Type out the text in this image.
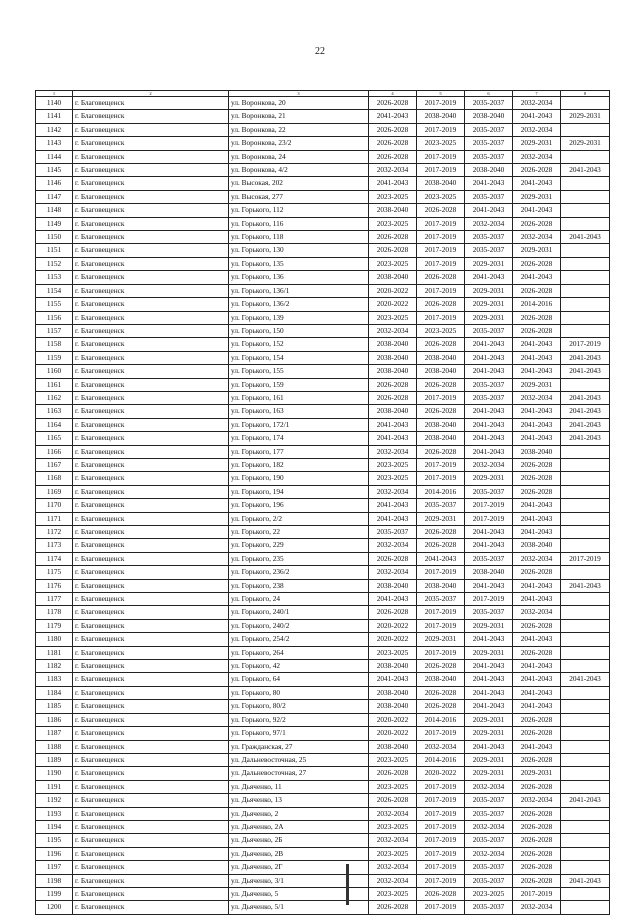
22
1	2	3	4	5	6	7	8
1140	г. Благовещенск	ул. Воронкова, 20	2026-2028	2017-2019	2035-2037	2032-2034	
1141	г. Благовещенск	ул. Воронкова, 21	2041-2043	2038-2040	2038-2040	2041-2043	2029-2031
1142	г. Благовещенск	ул. Воронкова, 22	2026-2028	2017-2019	2035-2037	2032-2034	
1143	г. Благовещенск	ул. Воронкова, 23/2	2026-2028	2023-2025	2035-2037	2029-2031	2029-2031
1144	г. Благовещенск	ул. Воронкова, 24	2026-2028	2017-2019	2035-2037	2032-2034	
1145	г. Благовещенск	ул. Воронкова, 4/2	2032-2034	2017-2019	2038-2040	2026-2028	2041-2043
1146	г. Благовещенск	ул. Высокая, 202	2041-2043	2038-2040	2041-2043	2041-2043	
1147	г. Благовещенск	ул. Высокая, 277	2023-2025	2023-2025	2035-2037	2029-2031	
1148	г. Благовещенск	ул. Горького, 112	2038-2040	2026-2028	2041-2043	2041-2043	
1149	г. Благовещенск	ул. Горького, 116	2023-2025	2017-2019	2032-2034	2026-2028	
1150	г. Благовещенск	ул. Горького, 118	2026-2028	2017-2019	2035-2037	2032-2034	2041-2043
1151	г. Благовещенск	ул. Горького, 130	2026-2028	2017-2019	2035-2037	2029-2031	
1152	г. Благовещенск	ул. Горького, 135	2023-2025	2017-2019	2029-2031	2026-2028	
1153	г. Благовещенск	ул. Горького, 136	2038-2040	2026-2028	2041-2043	2041-2043	
1154	г. Благовещенск	ул. Горького, 136/1	2020-2022	2017-2019	2029-2031	2026-2028	
1155	г. Благовещенск	ул. Горького, 136/2	2020-2022	2026-2028	2029-2031	2014-2016	
1156	г. Благовещенск	ул. Горького, 139	2023-2025	2017-2019	2029-2031	2026-2028	
1157	г. Благовещенск	ул. Горького, 150	2032-2034	2023-2025	2035-2037	2026-2028	
1158	г. Благовещенск	ул. Горького, 152	2038-2040	2026-2028	2041-2043	2041-2043	2017-2019
1159	г. Благовещенск	ул. Горького, 154	2038-2040	2038-2040	2041-2043	2041-2043	2041-2043
1160	г. Благовещенск	ул. Горького, 155	2038-2040	2038-2040	2041-2043	2041-2043	2041-2043
1161	г. Благовещенск	ул. Горького, 159	2026-2028	2026-2028	2035-2037	2029-2031	
1162	г. Благовещенск	ул. Горького, 161	2026-2028	2017-2019	2035-2037	2032-2034	2041-2043
1163	г. Благовещенск	ул. Горького, 163	2038-2040	2026-2028	2041-2043	2041-2043	2041-2043
1164	г. Благовещенск	ул. Горького, 172/1	2041-2043	2038-2040	2041-2043	2041-2043	2041-2043
1165	г. Благовещенск	ул. Горького, 174	2041-2043	2038-2040	2041-2043	2041-2043	2041-2043
1166	г. Благовещенск	ул. Горького, 177	2032-2034	2026-2028	2041-2043	2038-2040	
1167	г. Благовещенск	ул. Горького, 182	2023-2025	2017-2019	2032-2034	2026-2028	
1168	г. Благовещенск	ул. Горького, 190	2023-2025	2017-2019	2029-2031	2026-2028	
1169	г. Благовещенск	ул. Горького, 194	2032-2034	2014-2016	2035-2037	2026-2028	
1170	г. Благовещенск	ул. Горького, 196	2041-2043	2035-2037	2017-2019	2041-2043	
1171	г. Благовещенск	ул. Горького, 2/2	2041-2043	2029-2031	2017-2019	2041-2043	
1172	г. Благовещенск	ул. Горького, 22	2035-2037	2026-2028	2041-2043	2041-2043	
1173	г. Благовещенск	ул. Горького, 229	2032-2034	2026-2028	2041-2043	2038-2040	
1174	г. Благовещенск	ул. Горького, 235	2026-2028	2041-2043	2035-2037	2032-2034	2017-2019
1175	г. Благовещенск	ул. Горького, 236/2	2032-2034	2017-2019	2038-2040	2026-2028	
1176	г. Благовещенск	ул. Горького, 238	2038-2040	2038-2040	2041-2043	2041-2043	2041-2043
1177	г. Благовещенск	ул. Горького, 24	2041-2043	2035-2037	2017-2019	2041-2043	
1178	г. Благовещенск	ул. Горького, 240/1	2026-2028	2017-2019	2035-2037	2032-2034	
1179	г. Благовещенск	ул. Горького, 240/2	2020-2022	2017-2019	2029-2031	2026-2028	
1180	г. Благовещенск	ул. Горького, 254/2	2020-2022	2029-2031	2041-2043	2041-2043	
1181	г. Благовещенск	ул. Горького, 264	2023-2025	2017-2019	2029-2031	2026-2028	
1182	г. Благовещенск	ул. Горького, 42	2038-2040	2026-2028	2041-2043	2041-2043	
1183	г. Благовещенск	ул. Горького, 64	2041-2043	2038-2040	2041-2043	2041-2043	2041-2043
1184	г. Благовещенск	ул. Горького, 80	2038-2040	2026-2028	2041-2043	2041-2043	
1185	г. Благовещенск	ул. Горького, 80/2	2038-2040	2026-2028	2041-2043	2041-2043	
1186	г. Благовещенск	ул. Горького, 92/2	2020-2022	2014-2016	2029-2031	2026-2028	
1187	г. Благовещенск	ул. Горького, 97/1	2020-2022	2017-2019	2029-2031	2026-2028	
1188	г. Благовещенск	ул. Гражданская, 27	2038-2040	2032-2034	2041-2043	2041-2043	
1189	г. Благовещенск	ул. Дальневосточная, 25	2023-2025	2014-2016	2029-2031	2026-2028	
1190	г. Благовещенск	ул. Дальневосточная, 27	2026-2028	2020-2022	2029-2031	2029-2031	
1191	г. Благовещенск	ул. Дьяченко, 11	2023-2025	2017-2019	2032-2034	2026-2028	
1192	г. Благовещенск	ул. Дьяченко, 13	2026-2028	2017-2019	2035-2037	2032-2034	2041-2043
1193	г. Благовещенск	ул. Дьяченко, 2	2032-2034	2017-2019	2035-2037	2026-2028	
1194	г. Благовещенск	ул. Дьяченко, 2А	2023-2025	2017-2019	2032-2034	2026-2028	
1195	г. Благовещенск	ул. Дьяченко, 2Б	2032-2034	2017-2019	2035-2037	2026-2028	
1196	г. Благовещенск	ул. Дьяченко, 2В	2023-2025	2017-2019	2032-2034	2026-2028	
1197	г. Благовещенск	ул. Дьяченко, 2Г	2032-2034	2017-2019	2035-2037	2026-2028	
1198	г. Благовещенск	ул. Дьяченко, 3/1	2032-2034	2017-2019	2035-2037	2026-2028	2041-2043
1199	г. Благовещенск	ул. Дьяченко, 5	2023-2025	2026-2028	2023-2025	2017-2019	
1200	г. Благовещенск	ул. Дьяченко, 5/1	2026-2028	2017-2019	2035-2037	2032-2034	
